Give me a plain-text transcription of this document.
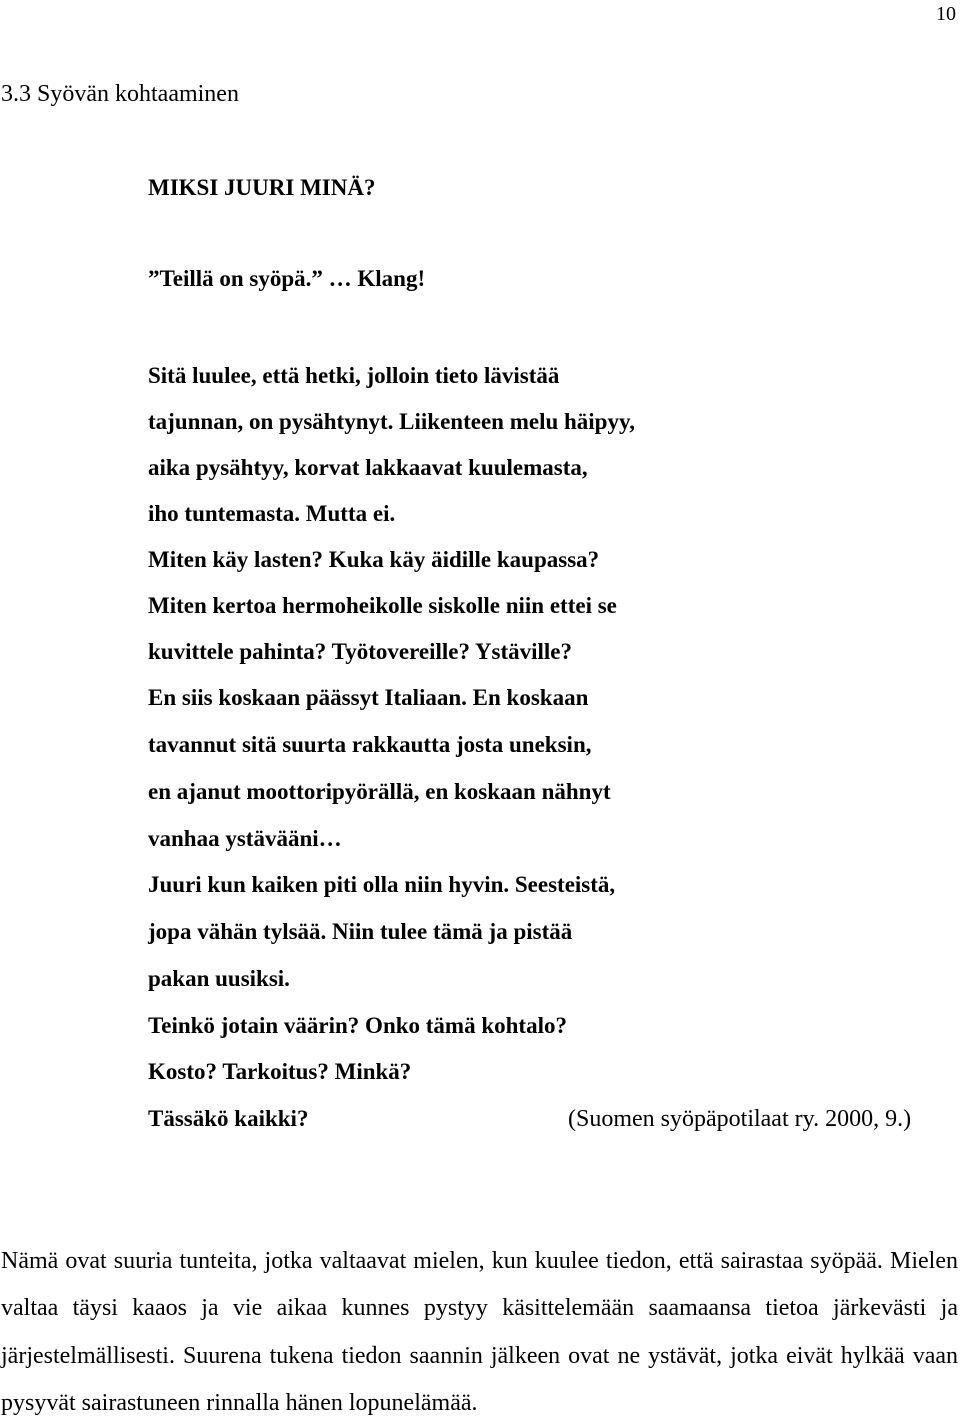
10
3.3 Syövän kohtaaminen
MIKSI JUURI MINÄ?
”Teillä on syöpä.” … Klang!
Sitä luulee, että hetki, jolloin tieto lävistää
tajunnan, on pysähtynyt. Liikenteen melu häipyy,
aika pysähtyy, korvat lakkaavat kuulemasta,
iho tuntemasta. Mutta ei.
Miten käy lasten? Kuka käy äidille kaupassa?
Miten kertoa hermoheikolle siskolle niin ettei se
kuvittele pahinta? Työtovereille? Ystäville?
En siis koskaan päässyt Italiaan. En koskaan
tavannut sitä suurta rakkautta josta uneksin,
en ajanut moottoripyörällä, en koskaan nähnyt
vanhaa ystävääni…
Juuri kun kaiken piti olla niin hyvin. Seesteistä,
jopa vähän tylsää. Niin tulee tämä ja pistää
pakan uusiksi.
Teinkö jotain väärin? Onko tämä kohtalo?
Kosto? Tarkoitus? Minkä?
Tässäkö kaikki?	(Suomen syöpäpotilaat ry. 2000, 9.)
Nämä ovat suuria tunteita, jotka valtaavat mielen, kun kuulee tiedon, että sairastaa syöpää. Mielen valtaa täysi kaaos ja vie aikaa kunnes pystyy käsittelemään saamaansa tietoa järkevästi ja järjestelmällisesti. Suurena tukena tiedon saannin jälkeen ovat ne ystävät, jotka eivät hylkää vaan pysyvät sairastuneen rinnalla hänen lopunelämää.
